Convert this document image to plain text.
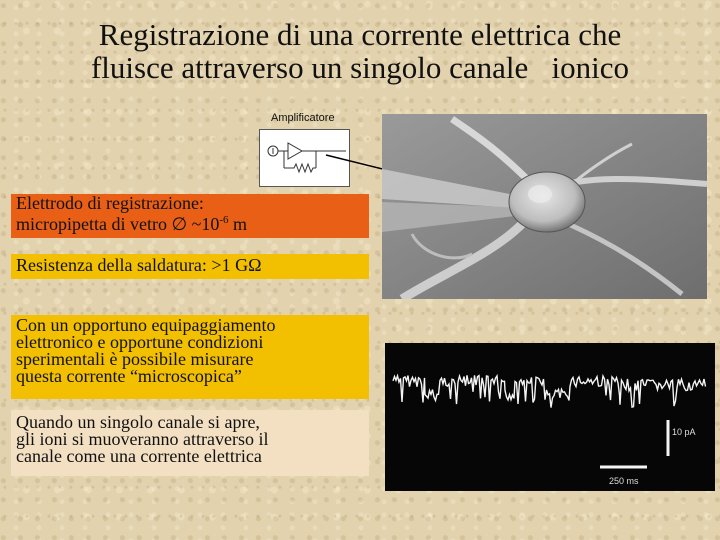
Registrazione di una corrente elettrica che
fluisce attraverso un singolo canale   ionico
Amplificatore
10 pA
250 ms
Elettrodo di registrazione:
micropipetta di vetro ∅ $\sim 10^{-6}$ m
Resistenza della saldatura: >1 GΩ
Con un opportuno equipaggiamento
elettronico e opportune condizioni
sperimentali è possibile misurare
questa corrente “microscopica”
Quando un singolo canale si apre,
gli ioni si muoveranno attraverso il
canale come una corrente elettrica
